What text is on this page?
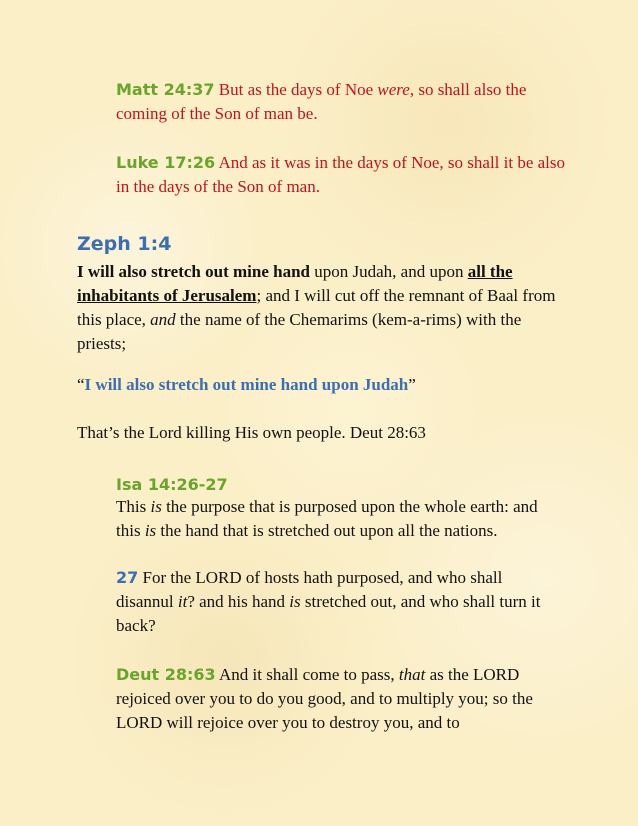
Matt 24:37 But as the days of Noe were, so shall also the coming of the Son of man be.
Luke 17:26 And as it was in the days of Noe, so shall it be also in the days of the Son of man.
Zeph 1:4
I will also stretch out mine hand upon Judah, and upon all the inhabitants of Jerusalem; and I will cut off the remnant of Baal from this place, and the name of the Chemarims (kem-a-rims) with the priests;
“I will also stretch out mine hand upon Judah”
That’s the Lord killing His own people. Deut 28:63
Isa 14:26-27
This is the purpose that is purposed upon the whole earth: and this is the hand that is stretched out upon all the nations.
27 For the LORD of hosts hath purposed, and who shall disannul it? and his hand is stretched out, and who shall turn it back?
Deut 28:63 And it shall come to pass, that as the LORD rejoiced over you to do you good, and to multiply you; so the LORD will rejoice over you to destroy you, and to
